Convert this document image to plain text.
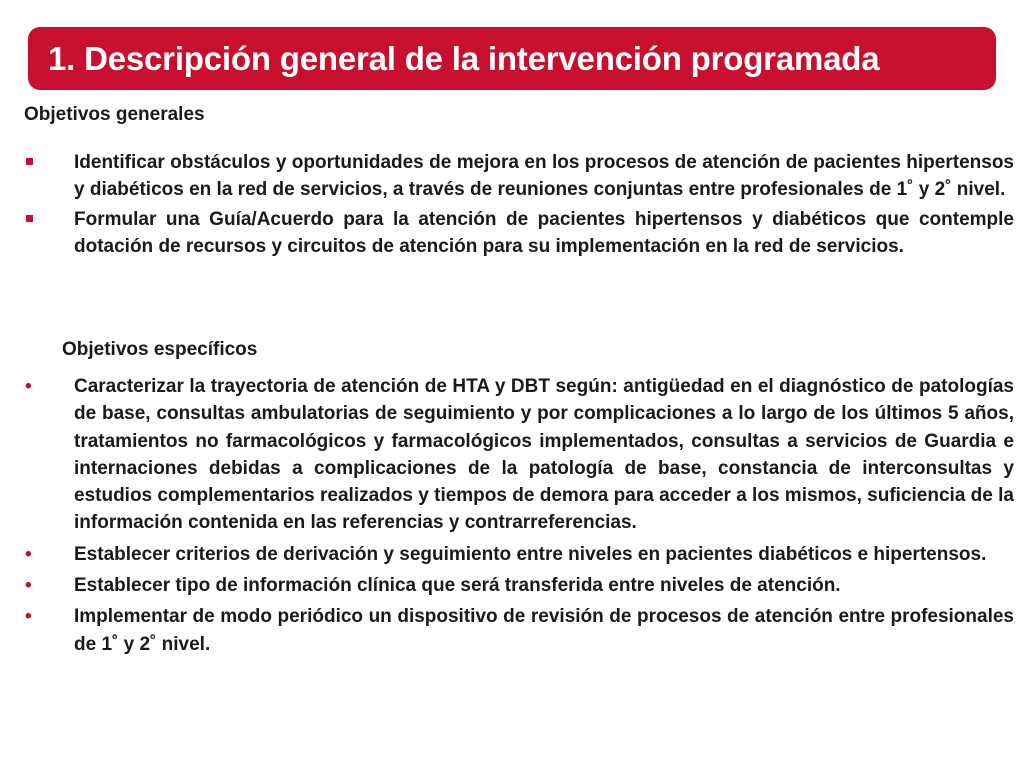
1. Descripción general de la intervención programada
Objetivos generales
Identificar obstáculos y oportunidades de mejora en los procesos de atención de pacientes hipertensos y diabéticos en la red de servicios, a través de reuniones conjuntas entre profesionales de 1˚ y 2˚ nivel.
Formular una Guía/Acuerdo para la atención de pacientes hipertensos y diabéticos que contemple dotación de recursos y circuitos de atención para su implementación en la red de servicios.
Objetivos específicos
• Caracterizar la trayectoria de atención de HTA y DBT según: antigüedad en el diagnóstico de patologías de base, consultas ambulatorias de seguimiento y por complicaciones a lo largo de los últimos 5 años, tratamientos no farmacológicos y farmacológicos implementados, consultas a servicios de Guardia e internaciones debidas a complicaciones de la patología de base, constancia de interconsultas y estudios complementarios realizados y tiempos de demora para acceder a los mismos, suficiencia de la información contenida en las referencias y contrarreferencias.
• Establecer criterios de derivación y seguimiento entre niveles en pacientes diabéticos e hipertensos.
• Establecer tipo de información clínica que será transferida entre niveles de atención.
• Implementar de modo periódico un dispositivo de revisión de procesos de atención entre profesionales de 1˚ y 2˚ nivel.
